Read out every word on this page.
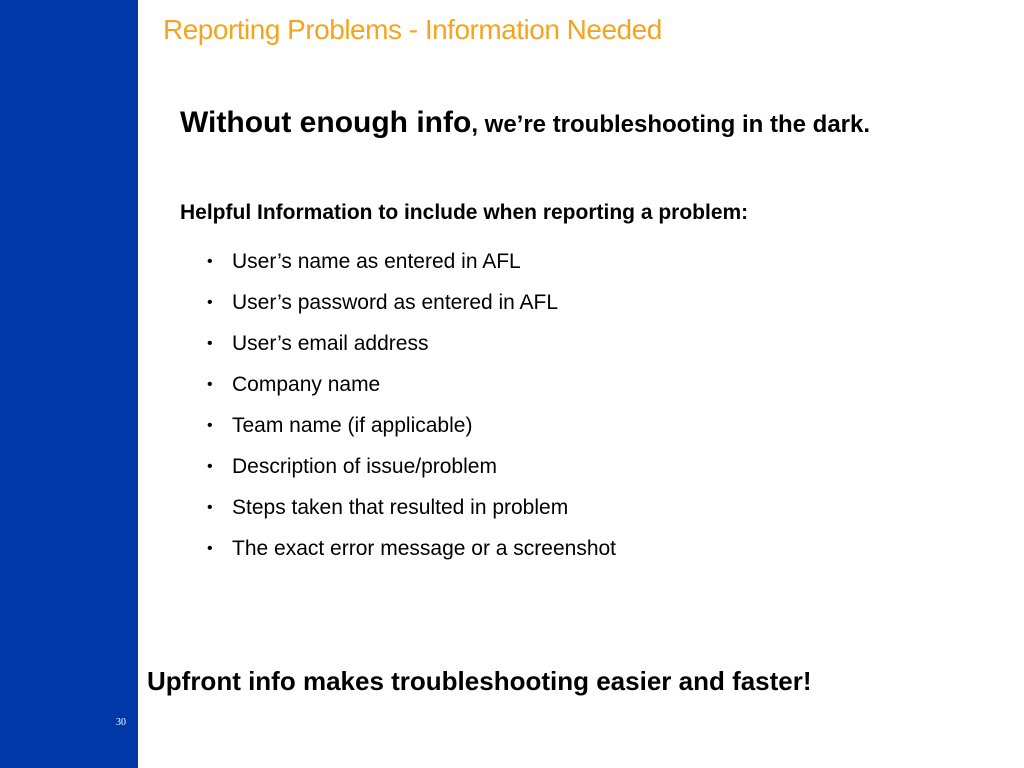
30
Reporting Problems - Information Needed
Without enough info, we’re troubleshooting in the dark.
Helpful Information to include when reporting a problem:
• User’s name as entered in AFL
• User’s password as entered in AFL
• User’s email address
• Company name
• Team name (if applicable)
• Description of issue/problem
• Steps taken that resulted in problem
• The exact error message or a screenshot
Upfront info makes troubleshooting easier and faster!
